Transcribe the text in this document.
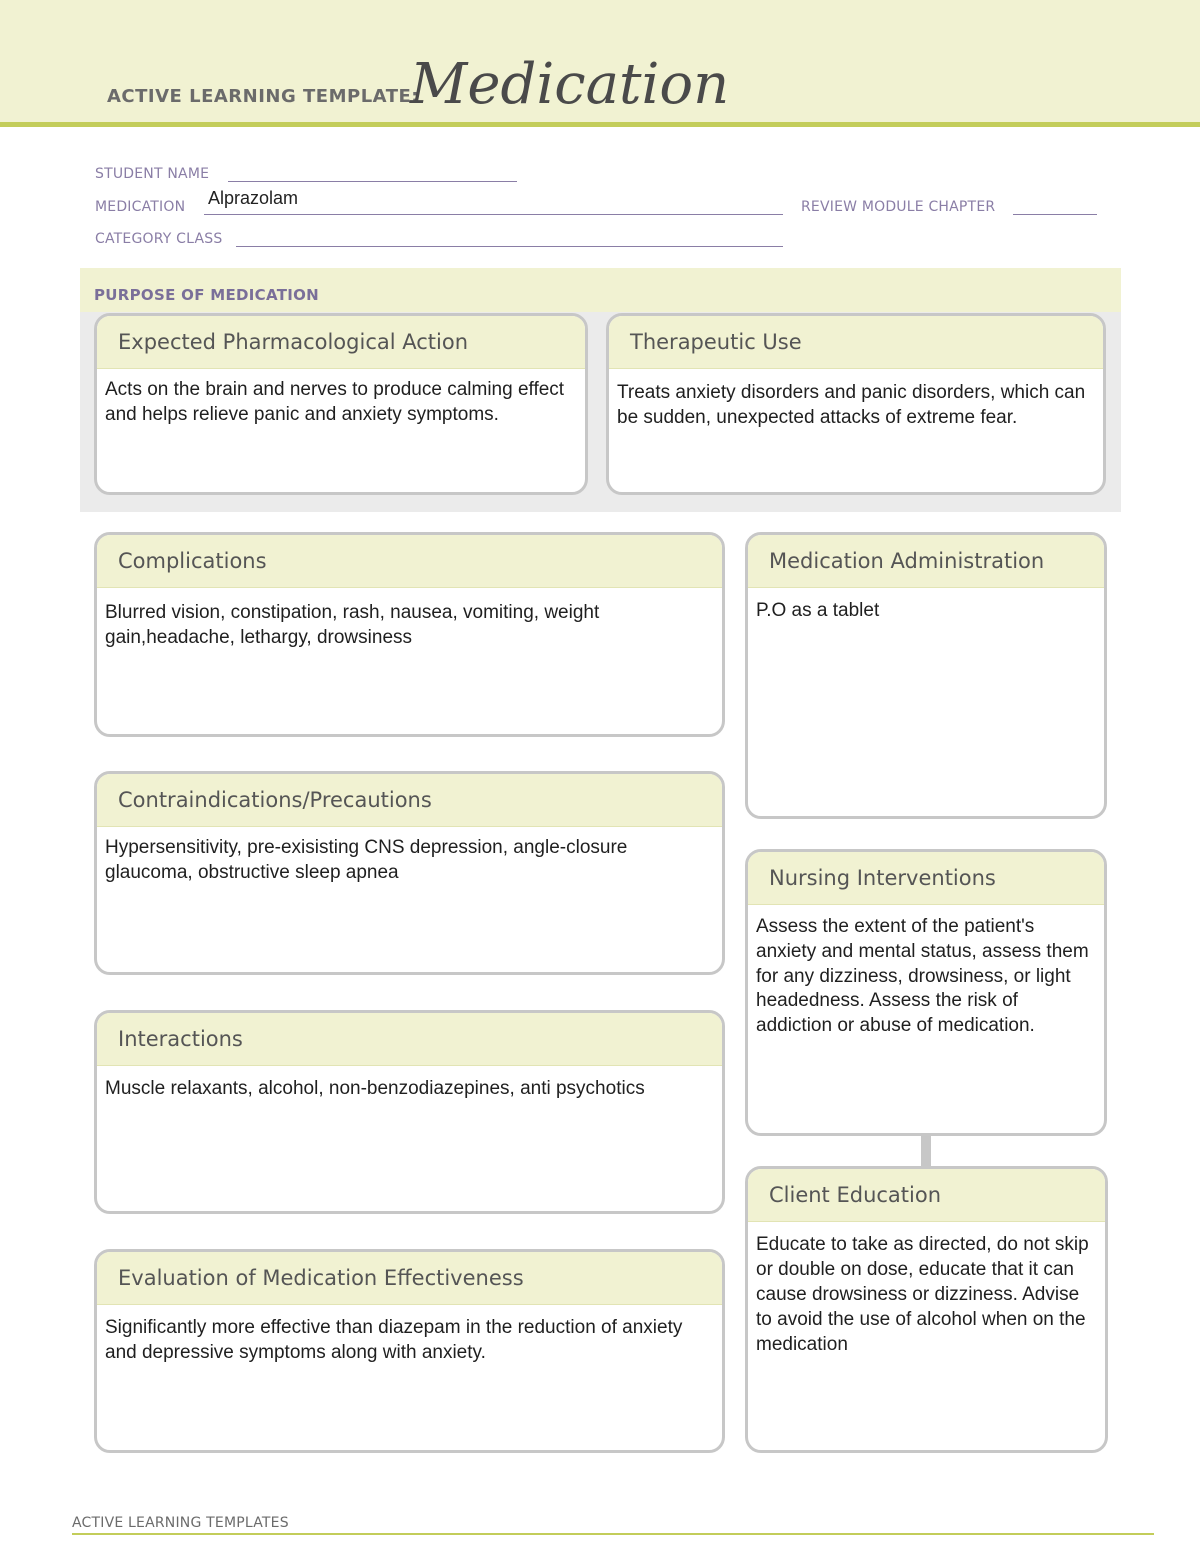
ACTIVE LEARNING TEMPLATE:
Medication
STUDENT NAME
MEDICATION Alprazolam	REVIEW MODULE CHAPTER
CATEGORY CLASS
PURPOSE OF MEDICATION
Expected Pharmacological Action
Acts on the brain and nerves to produce calming effect and helps relieve panic and anxiety symptoms.
Therapeutic Use
Treats anxiety disorders and panic disorders, which can be sudden, unexpected attacks of extreme fear.
Complications
Blurred vision, constipation, rash, nausea, vomiting, weight gain,headache, lethargy, drowsiness
Contraindications/Precautions
Hypersensitivity, pre-exisisting CNS depression, angle-closure glaucoma, obstructive sleep apnea
Interactions
Muscle relaxants, alcohol, non-benzodiazepines, anti psychotics
Evaluation of Medication Effectiveness
Significantly more effective than diazepam in the reduction of anxiety and depressive symptoms along with anxiety.
Medication Administration
P.O as a tablet
Nursing Interventions
Assess the extent of the patient's anxiety and mental status, assess them for any dizziness, drowsiness, or light headedness. Assess the risk of addiction or abuse of medication.
Client Education
Educate to take as directed, do not skip or double on dose, educate that it can cause drowsiness or dizziness. Advise to avoid the use of alcohol when on the medication
ACTIVE LEARNING TEMPLATES
